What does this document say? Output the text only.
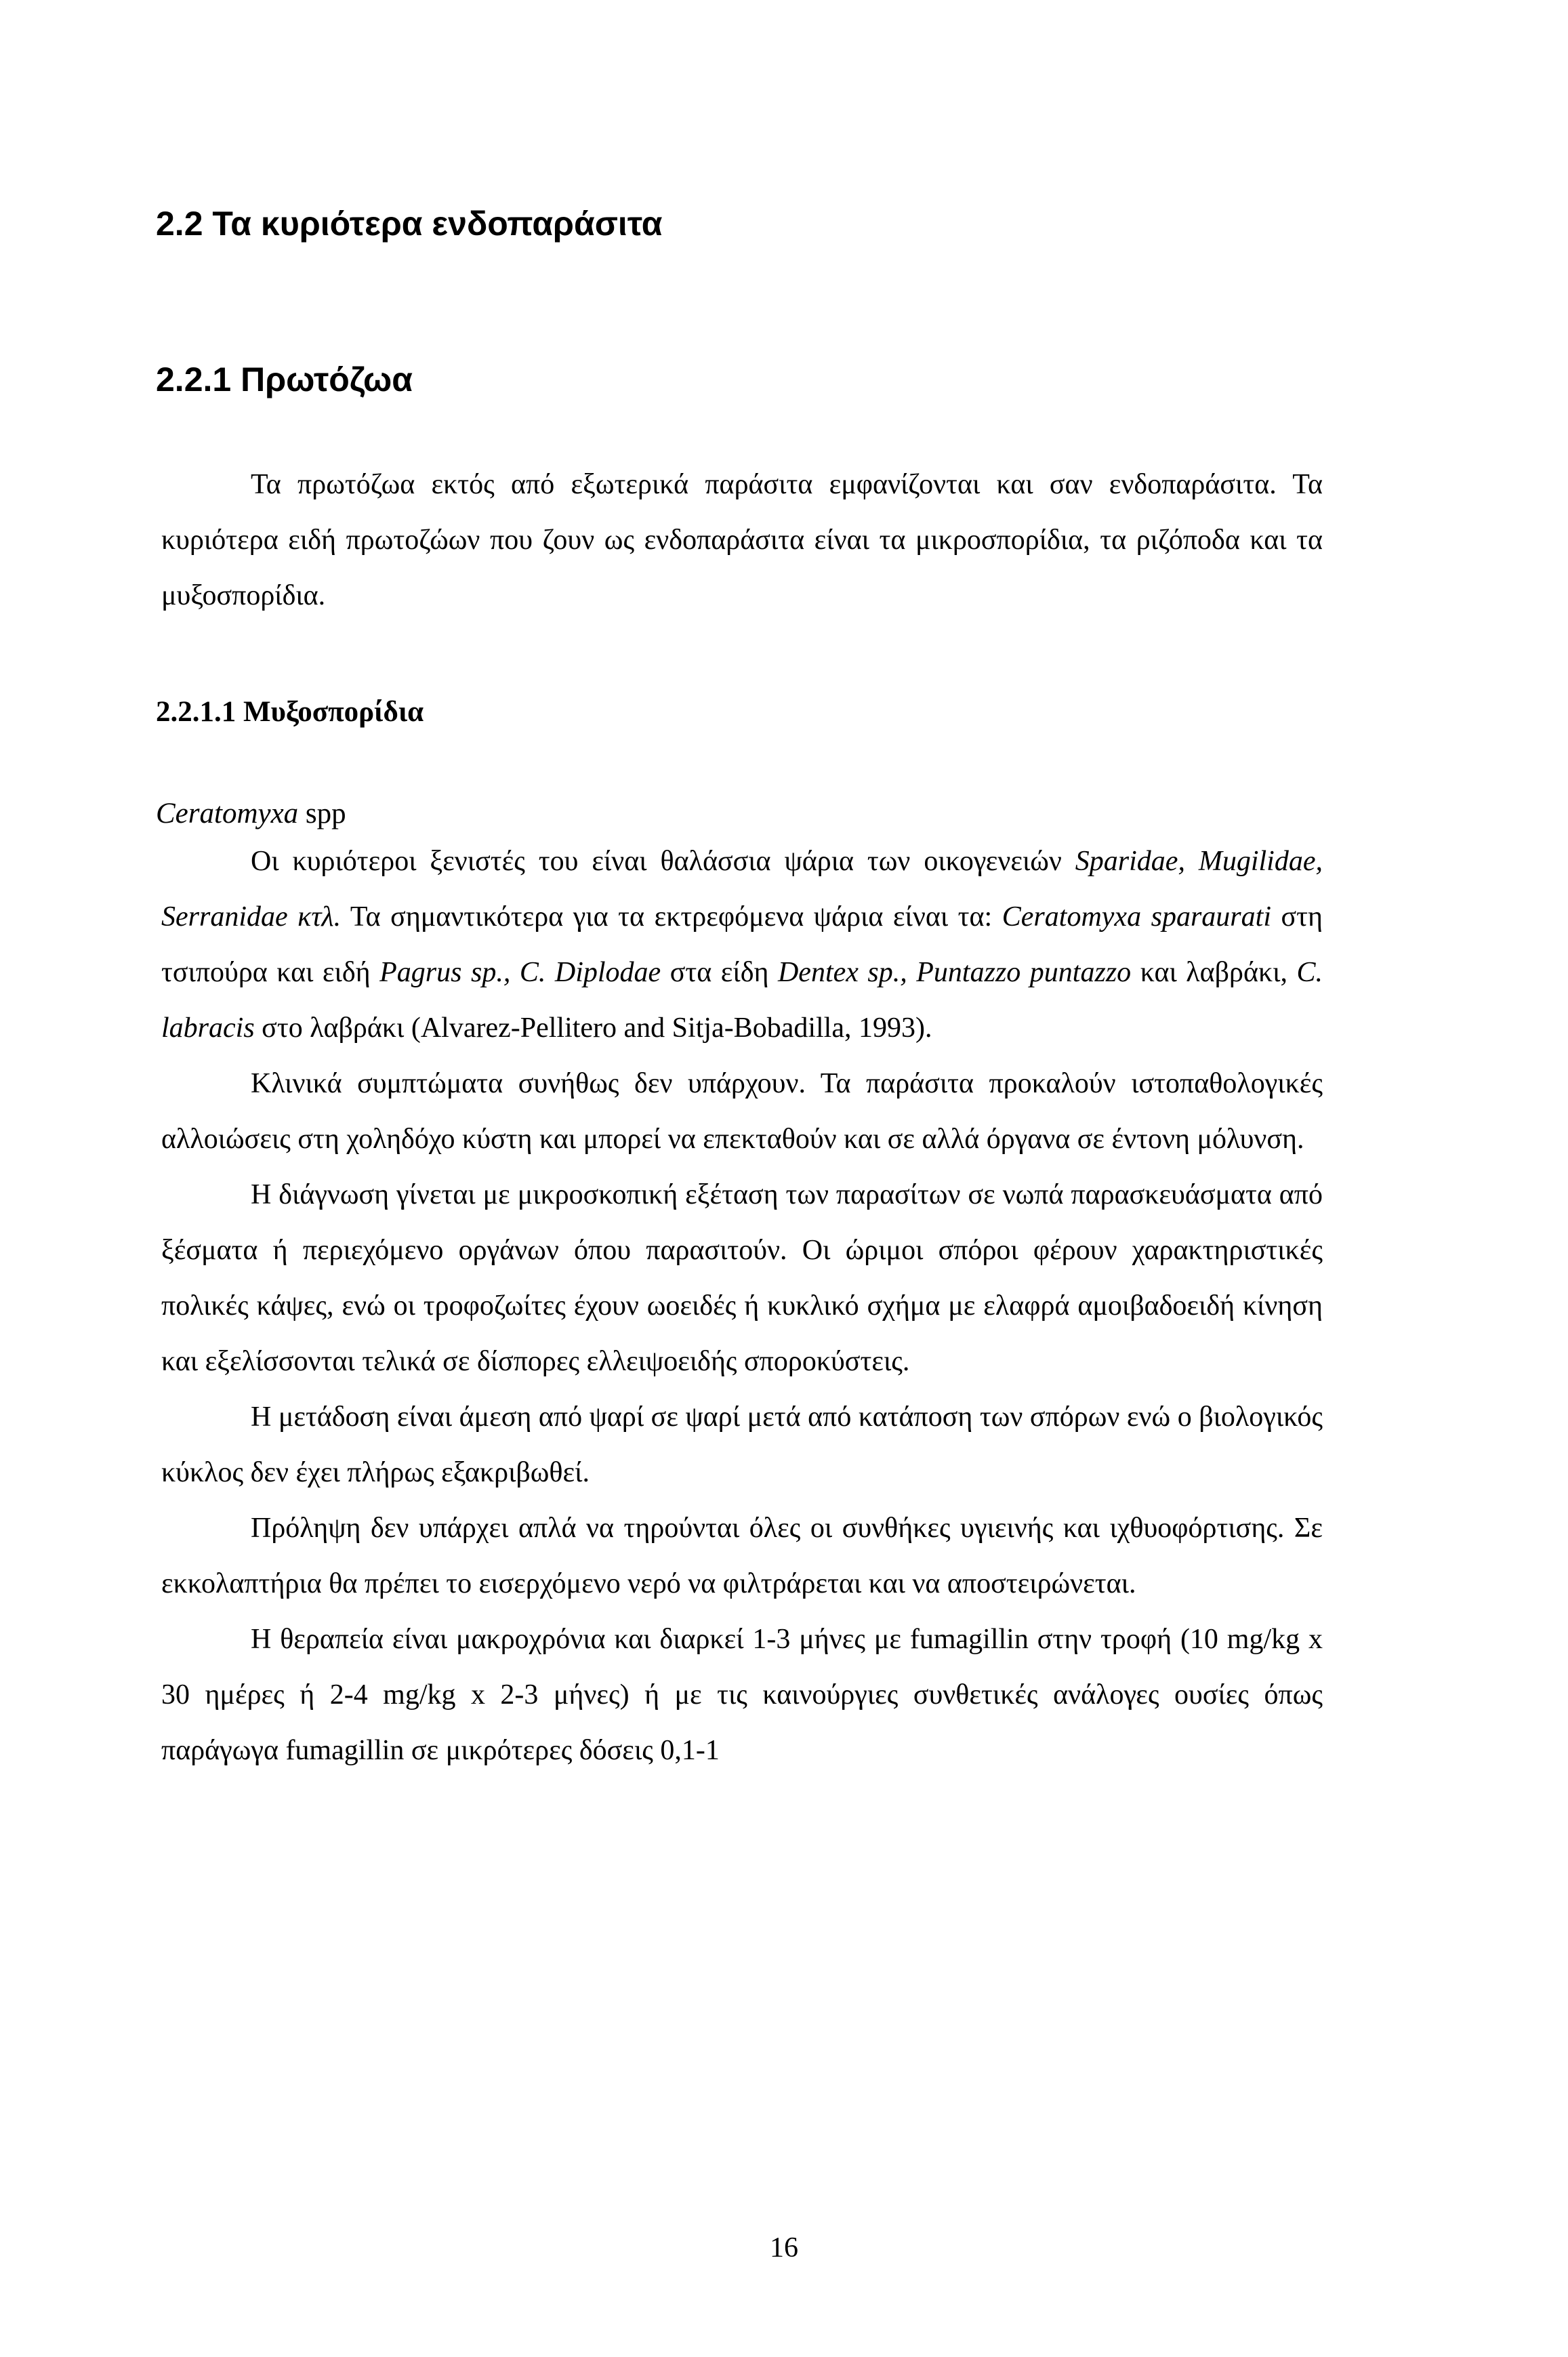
2.2 Τα κυριότερα ενδοπαράσιτα
2.2.1 Πρωτόζωα

Τα πρωτόζωα εκτός από εξωτερικά παράσιτα εμφανίζονται και σαν ενδοπαράσιτα. Τα κυριότερα ειδή πρωτοζώων που ζουν ως ενδοπαράσιτα είναι τα μικροσπορίδια, τα ριζόποδα και τα μυξοσπορίδια.

2.2.1.1 Μυξοσπορίδια
Ceratomyxa spp

Οι κυριότεροι ξενιστές του είναι θαλάσσια ψάρια των οικογενειών Sparidae, Mugilidae, Serranidae κτλ. Τα σημαντικότερα για τα εκτρεφόμενα ψάρια είναι τα: Ceratomyxa sparaurati στη τσιπούρα και ειδή Pagrus sp., C. Diplodae στα είδη Dentex sp., Puntazzo puntazzo και λαβράκι, C. labracis στο λαβράκι (Alvarez-Pellitero and Sitja-Bobadilla, 1993).

Κλινικά συμπτώματα συνήθως δεν υπάρχουν. Τα παράσιτα προκαλούν ιστοπαθολογικές αλλοιώσεις στη χοληδόχο κύστη και μπορεί να επεκταθούν και σε αλλά όργανα σε έντονη μόλυνση.

Η διάγνωση γίνεται με μικροσκοπική εξέταση των παρασίτων σε νωπά παρασκευάσματα από ξέσματα ή περιεχόμενο οργάνων όπου παρασιτούν. Οι ώριμοι σπόροι φέρουν χαρακτηριστικές πολικές κάψες, ενώ οι τροφοζωίτες έχουν ωοειδές ή κυκλικό σχήμα με ελαφρά αμοιβαδοειδή κίνηση και εξελίσσονται τελικά σε δίσπορες ελλειψοειδής σποροκύστεις.

Η μετάδοση είναι άμεση από ψαρί σε ψαρί μετά από κατάποση των σπόρων ενώ ο βιολογικός κύκλος δεν έχει πλήρως εξακριβωθεί.

Πρόληψη δεν υπάρχει απλά να τηρούνται όλες οι συνθήκες υγιεινής και ιχθυοφόρτισης. Σε εκκολαπτήρια θα πρέπει το εισερχόμενο νερό να φιλτράρεται και να αποστειρώνεται.

Η θεραπεία είναι μακροχρόνια και διαρκεί 1-3 μήνες με fumagillin στην τροφή (10 mg/kg x 30 ημέρες ή 2-4 mg/kg x 2-3 μήνες) ή με τις καινούργιες συνθετικές ανάλογες ουσίες όπως παράγωγα fumagillin σε μικρότερες δόσεις 0,1-1

16
